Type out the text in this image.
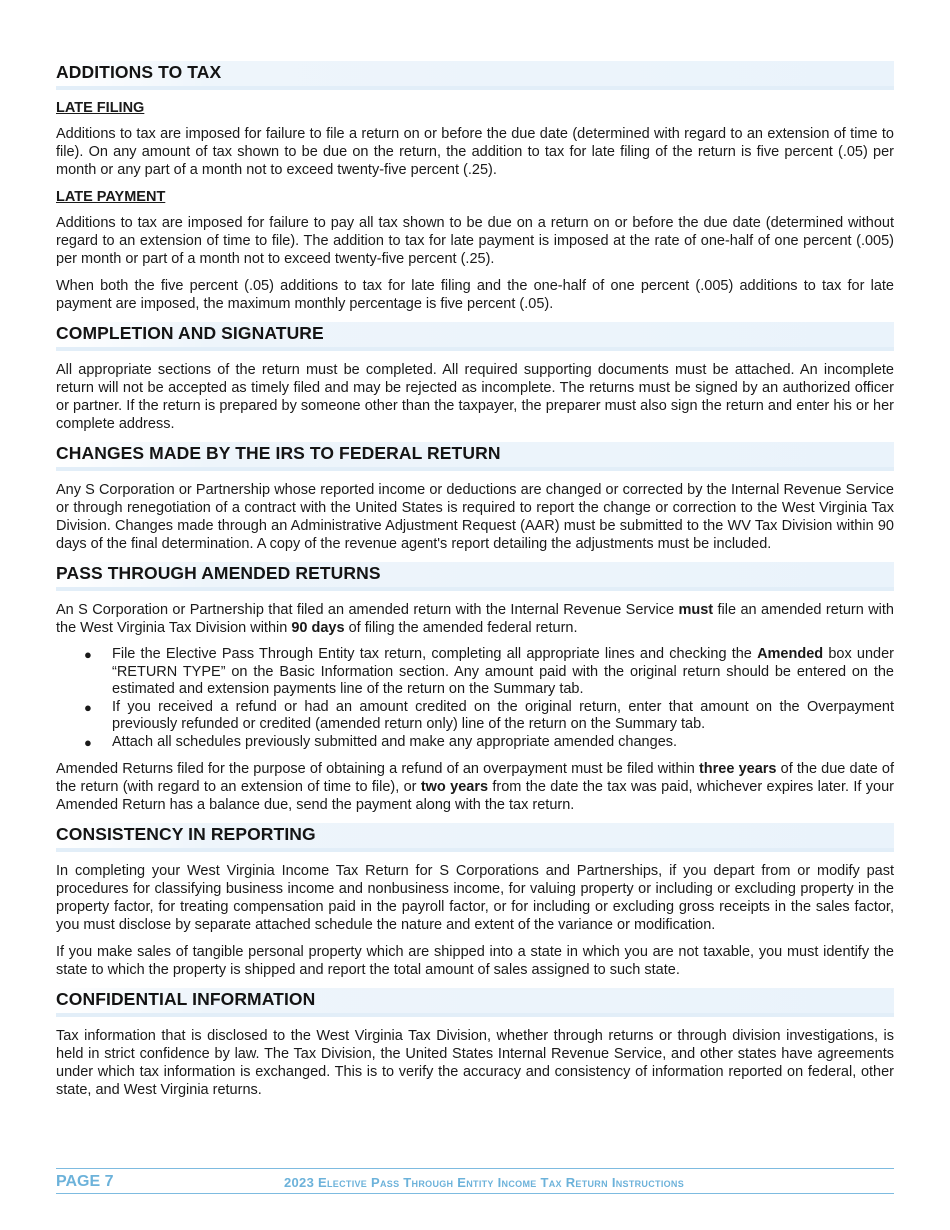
ADDITIONS TO TAX
LATE FILING

Additions to tax are imposed for failure to file a return on or before the due date (determined with regard to an extension of time to file). On any amount of tax shown to be due on the return, the addition to tax for late filing of the return is five percent (.05) per month or any part of a month not to exceed twenty-five percent (.25).

LATE PAYMENT

Additions to tax are imposed for failure to pay all tax shown to be due on a return on or before the due date (determined without regard to an extension of time to file). The addition to tax for late payment is imposed at the rate of one-half of one percent (.005) per month or part of a month not to exceed twenty-five percent (.25).

When both the five percent (.05) additions to tax for late filing and the one-half of one percent (.005) additions to tax for late payment are imposed, the maximum monthly percentage is five percent (.05).

COMPLETION AND SIGNATURE

All appropriate sections of the return must be completed. All required supporting documents must be attached. An incomplete return will not be accepted as timely filed and may be rejected as incomplete. The returns must be signed by an authorized officer or partner. If the return is prepared by someone other than the taxpayer, the preparer must also sign the return and enter his or her complete address.

CHANGES MADE BY THE IRS TO FEDERAL RETURN

Any S Corporation or Partnership whose reported income or deductions are changed or corrected by the Internal Revenue Service or through renegotiation of a contract with the United States is required to report the change or correction to the West Virginia Tax Division. Changes made through an Administrative Adjustment Request (AAR) must be submitted to the WV Tax Division within 90 days of the final determination. A copy of the revenue agent's report detailing the adjustments must be included.

PASS THROUGH AMENDED RETURNS

An S Corporation or Partnership that filed an amended return with the Internal Revenue Service must file an amended return with the West Virginia Tax Division within 90 days of filing the amended federal return.

● File the Elective Pass Through Entity tax return, completing all appropriate lines and checking the Amended box under “RETURN TYPE” on the Basic Information section. Any amount paid with the original return should be entered on the estimated and extension payments line of the return on the Summary tab.
● If you received a refund or had an amount credited on the original return, enter that amount on the Overpayment previously refunded or credited (amended return only) line of the return on the Summary tab.
● Attach all schedules previously submitted and make any appropriate amended changes.

Amended Returns filed for the purpose of obtaining a refund of an overpayment must be filed within three years of the due date of the return (with regard to an extension of time to file), or two years from the date the tax was paid, whichever expires later. If your Amended Return has a balance due, send the payment along with the tax return.

CONSISTENCY IN REPORTING

In completing your West Virginia Income Tax Return for S Corporations and Partnerships, if you depart from or modify past procedures for classifying business income and nonbusiness income, for valuing property or including or excluding property in the property factor, for treating compensation paid in the payroll factor, or for including or excluding gross receipts in the sales factor, you must disclose by separate attached schedule the nature and extent of the variance or modification.

If you make sales of tangible personal property which are shipped into a state in which you are not taxable, you must identify the state to which the property is shipped and report the total amount of sales assigned to such state.

CONFIDENTIAL INFORMATION

Tax information that is disclosed to the West Virginia Tax Division, whether through returns or through division investigations, is held in strict confidence by law. The Tax Division, the United States Internal Revenue Service, and other states have agreements under which tax information is exchanged. This is to verify the accuracy and consistency of information reported on federal, other state, and West Virginia returns.

PAGE 7	2023 Elective Pass Through Entity Income Tax Return Instructions
